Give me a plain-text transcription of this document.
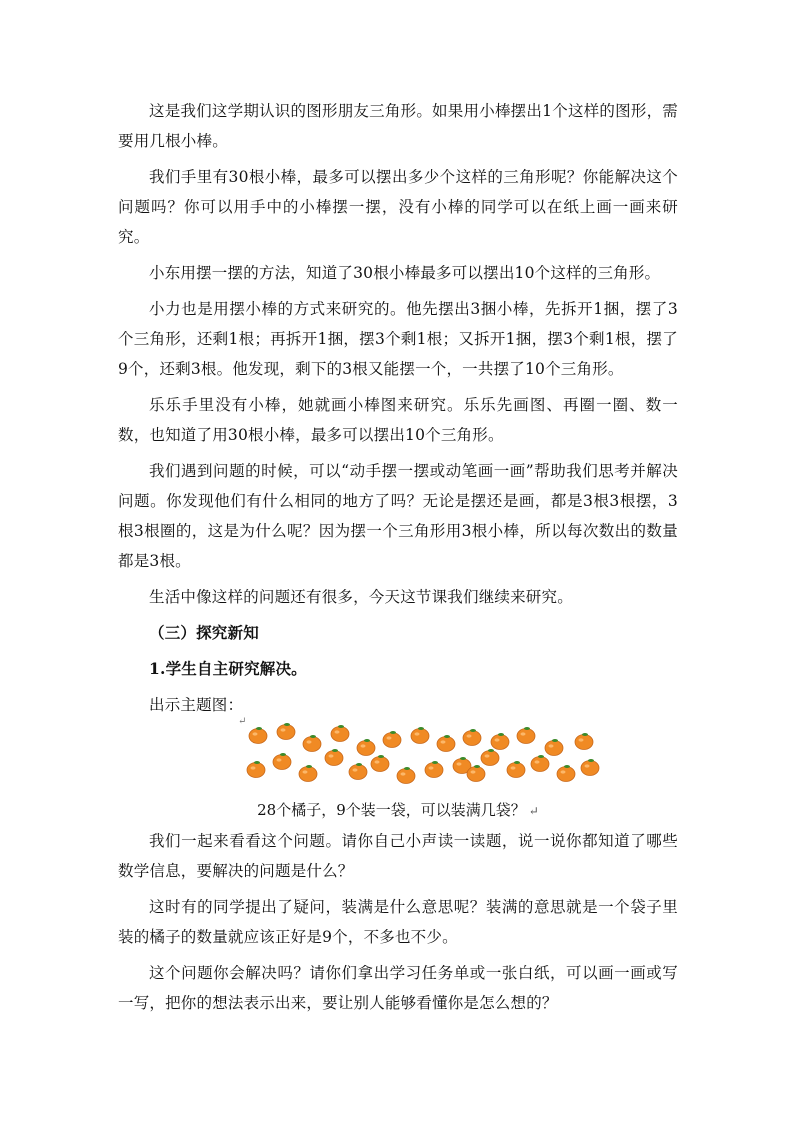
这是我们这学期认识的图形朋友三角形。如果用小棒摆出1个这样的图形，需要用几根小棒。

我们手里有30根小棒，最多可以摆出多少个这样的三角形呢？你能解决这个问题吗？你可以用手中的小棒摆一摆，没有小棒的同学可以在纸上画一画来研究。

小东用摆一摆的方法，知道了30根小棒最多可以摆出10个这样的三角形。

小力也是用摆小棒的方式来研究的。他先摆出3捆小棒，先拆开1捆，摆了3个三角形，还剩1根；再拆开1捆，摆3个剩1根；又拆开1捆，摆3个剩1根，摆了9个，还剩3根。他发现，剩下的3根又能摆一个，一共摆了10个三角形。

乐乐手里没有小棒，她就画小棒图来研究。乐乐先画图、再圈一圈、数一数，也知道了用30根小棒，最多可以摆出10个三角形。

我们遇到问题的时候，可以“动手摆一摆或动笔画一画”帮助我们思考并解决问题。你发现他们有什么相同的地方了吗？无论是摆还是画，都是3根3根摆，3根3根圈的，这是为什么呢？因为摆一个三角形用3根小棒，所以每次数出的数量都是3根。

生活中像这样的问题还有很多，今天这节课我们继续来研究。

（三）探究新知

1.学生自主研究解决。

出示主题图：

↵
28个橘子，9个装一袋，可以装满几袋？ ↵

我们一起来看看这个问题。请你自己小声读一读题，说一说你都知道了哪些数学信息，要解决的问题是什么？

这时有的同学提出了疑问，装满是什么意思呢？装满的意思就是一个袋子里装的橘子的数量就应该正好是9个，不多也不少。

这个问题你会解决吗？请你们拿出学习任务单或一张白纸，可以画一画或写一写，把你的想法表示出来，要让别人能够看懂你是怎么想的？
